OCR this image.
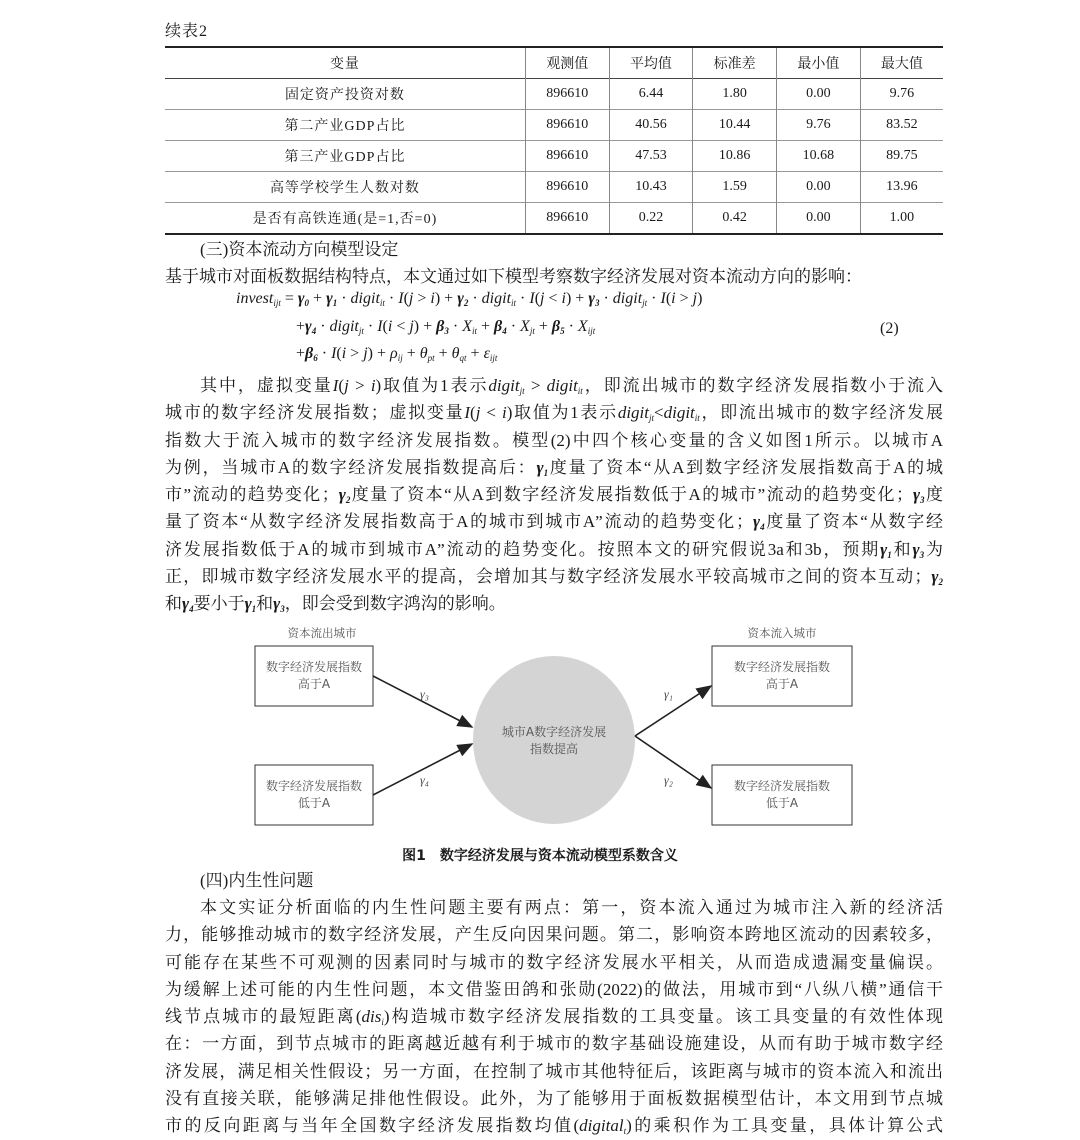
续表2
变量	观测值	平均值	标准差	最小值	最大值
固定资产投资对数	896610	6.44	1.80	0.00	9.76
第二产业GDP占比	896610	40.56	10.44	9.76	83.52
第三产业GDP占比	896610	47.53	10.86	10.68	89.75
高等学校学生人数对数	896610	10.43	1.59	0.00	13.96
是否有高铁连通(是=1,否=0)	896610	0.22	0.42	0.00	1.00
(三)资本流动方向模型设定
基于城市对面板数据结构特点，本文通过如下模型考察数字经济发展对资本流动方向的影响：
invest$_{ijt}$ = $\gamma_0 + \gamma_1$ · digit$_{it}$ · $I(j > i) + \gamma_2$ · digit$_{it}$ · $I(j < i) + \gamma_3$ · digit$_{jt}$ · I(i > j)
$+\gamma_4$ · digit$_{jt}$ · $I(i < j) + \beta_3 \cdot X_{it} + \beta_4 \cdot X_{jt} + \beta_5 \cdot X_{ijt}$
$+\beta_6 \cdot I(i > j) + \rho_{ij} + \theta_{pt} + \theta_{qt} + \varepsilon_{ijt}$
(2)
其中，虚拟变量I(j > i)取值为1表示digit$_{jt}$ > digit$_{it}$，即流出城市的数字经济发展指数小于流入
城市的数字经济发展指数；虚拟变量I(j < i)取值为1表示digit$_{jt}$<digit$_{it}$，即流出城市的数字经济发展
指数大于流入城市的数字经济发展指数。模型(2)中四个核心变量的含义如图1所示。以城市A
为例，当城市A的数字经济发展指数提高后：$\gamma_1$度量了资本“从A到数字经济发展指数高于A的城
市”流动的趋势变化；$\gamma_2$度量了资本“从A到数字经济发展指数低于A的城市”流动的趋势变化；$\gamma_3$度
量了资本“从数字经济发展指数高于A的城市到城市A”流动的趋势变化；$\gamma_4$度量了资本“从数字经
济发展指数低于A的城市到城市A”流动的趋势变化。按照本文的研究假说3a和3b，预期$\gamma_1$和$\gamma_3$为
正，即城市数字经济发展水平的提高，会增加其与数字经济发展水平较高城市之间的资本互动；$\gamma_2$
和$\gamma_4$要小于$\gamma_1$和$\gamma_3$，即会受到数字鸿沟的影响。
资本流出城市	资本流入城市
数字经济发展指数
高于A
数字经济发展指数
低于A
数字经济发展指数
高于A
数字经济发展指数
低于A
城市A数字经济发展
指数提高
γ₃
γ₄
γ₁
γ₂
图1　数字经济发展与资本流动模型系数含义
(四)内生性问题
本文实证分析面临的内生性问题主要有两点：第一，资本流入通过为城市注入新的经济活
力，能够推动城市的数字经济发展，产生反向因果问题。第二，影响资本跨地区流动的因素较多，
可能存在某些不可观测的因素同时与城市的数字经济发展水平相关，从而造成遗漏变量偏误。
为缓解上述可能的内生性问题，本文借鉴田鸽和张勋(2022)的做法，用城市到“八纵八横”通信干
线节点城市的最短距离(dis$_i$)构造城市数字经济发展指数的工具变量。该工具变量的有效性体现
在：一方面，到节点城市的距离越近越有利于城市的数字基础设施建设，从而有助于城市数字经
济发展，满足相关性假设；另一方面，在控制了城市其他特征后，该距离与城市的资本流入和流出
没有直接关联，能够满足排他性假设。此外，为了能够用于面板数据模型估计，本文用到节点城
市的反向距离与当年全国数字经济发展指数均值(digital$_t$)的乘积作为工具变量，具体计算公式
